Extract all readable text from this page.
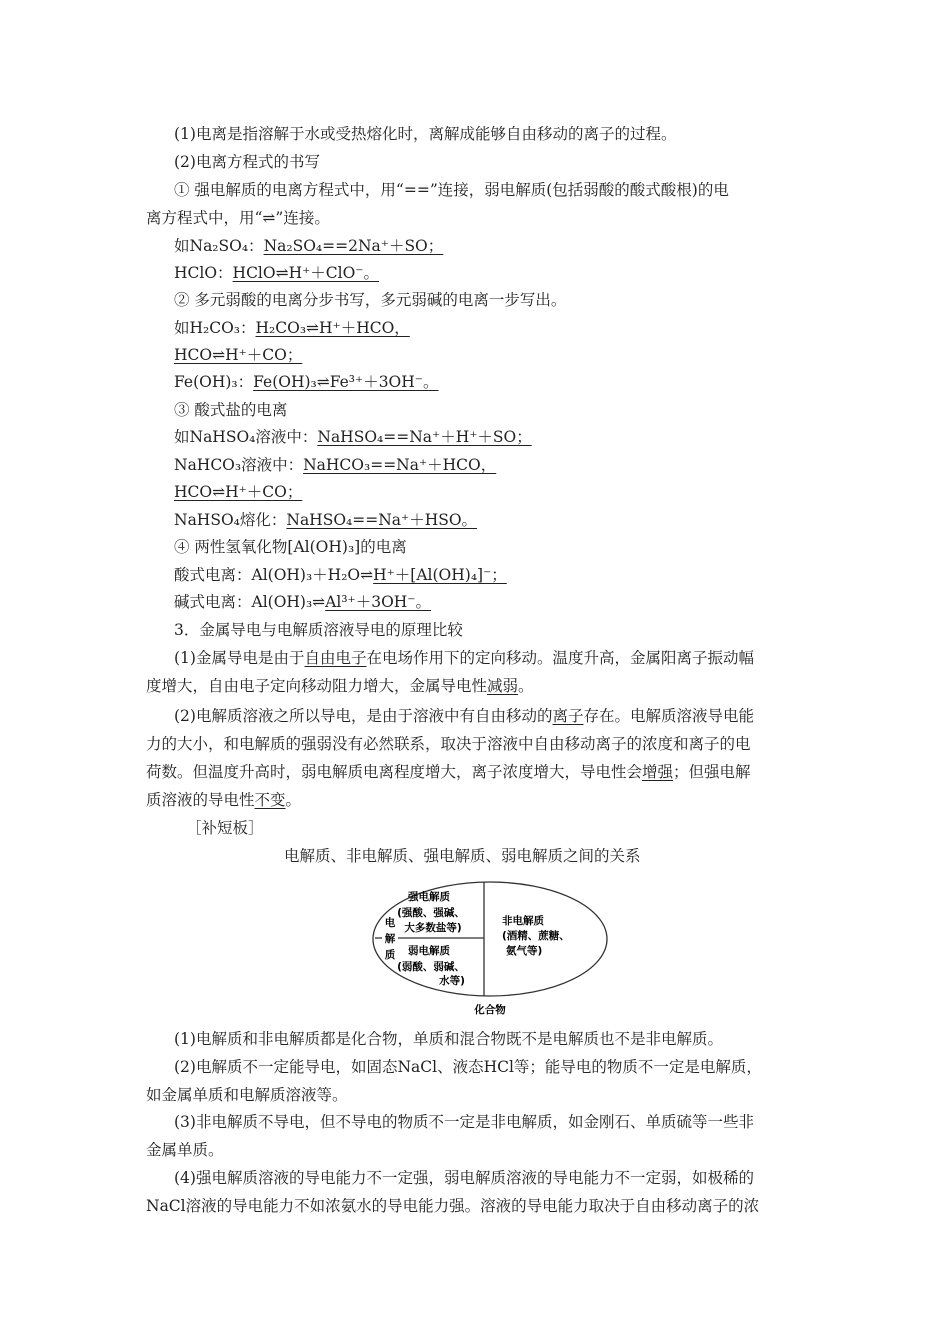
(1)电离是指溶解于水或受热熔化时，离解成能够自由移动的离子的过程。
(2)电离方程式的书写
① 强电解质的电离方程式中，用“==”连接，弱电解质(包括弱酸的酸式酸根)的电
离方程式中，用“⇌”连接。
如Na₂SO₄：Na₂SO₄==2Na⁺＋SO；
HClO：HClO⇌H⁺＋ClO⁻。
② 多元弱酸的电离分步书写，多元弱碱的电离一步写出。
如H₂CO₃：H₂CO₃⇌H⁺＋HCO，
HCO⇌H⁺＋CO；
Fe(OH)₃：Fe(OH)₃⇌Fe³⁺＋3OH⁻。
③ 酸式盐的电离
如NaHSO₄溶液中：NaHSO₄==Na⁺＋H⁺＋SO；
NaHCO₃溶液中：NaHCO₃==Na⁺＋HCO，
HCO⇌H⁺＋CO；
NaHSO₄熔化：NaHSO₄==Na⁺＋HSO。
④ 两性氢氧化物[Al(OH)₃]的电离
酸式电离：Al(OH)₃＋H₂O⇌H⁺＋[Al(OH)₄]⁻；
碱式电离：Al(OH)₃⇌Al³⁺＋3OH⁻。
3．金属导电与电解质溶液导电的原理比较
(1)金属导电是由于自由电子在电场作用下的定向移动。温度升高，金属阳离子振动幅
度增大，自由电子定向移动阻力增大，金属导电性减弱。
(2)电解质溶液之所以导电，是由于溶液中有自由移动的离子存在。电解质溶液导电能
力的大小，和电解质的强弱没有必然联系，取决于溶液中自由移动离子的浓度和离子的电
荷数。但温度升高时，弱电解质电离程度增大，离子浓度增大，导电性会增强；但强电解
质溶液的导电性不变。
［补短板］
电解质、非电解质、强电解质、弱电解质之间的关系
强电解质
(强酸、强碱、
大多数盐等)
弱电解质
(弱酸、弱碱、
水等)
电
解
质
非电解质
(酒精、蔗糖、
氨气等)
化合物
(1)电解质和非电解质都是化合物，单质和混合物既不是电解质也不是非电解质。
(2)电解质不一定能导电，如固态NaCl、液态HCl等；能导电的物质不一定是电解质，
如金属单质和电解质溶液等。
(3)非电解质不导电，但不导电的物质不一定是非电解质，如金刚石、单质硫等一些非
金属单质。
(4)强电解质溶液的导电能力不一定强，弱电解质溶液的导电能力不一定弱，如极稀的
NaCl溶液的导电能力不如浓氨水的导电能力强。溶液的导电能力取决于自由移动离子的浓
